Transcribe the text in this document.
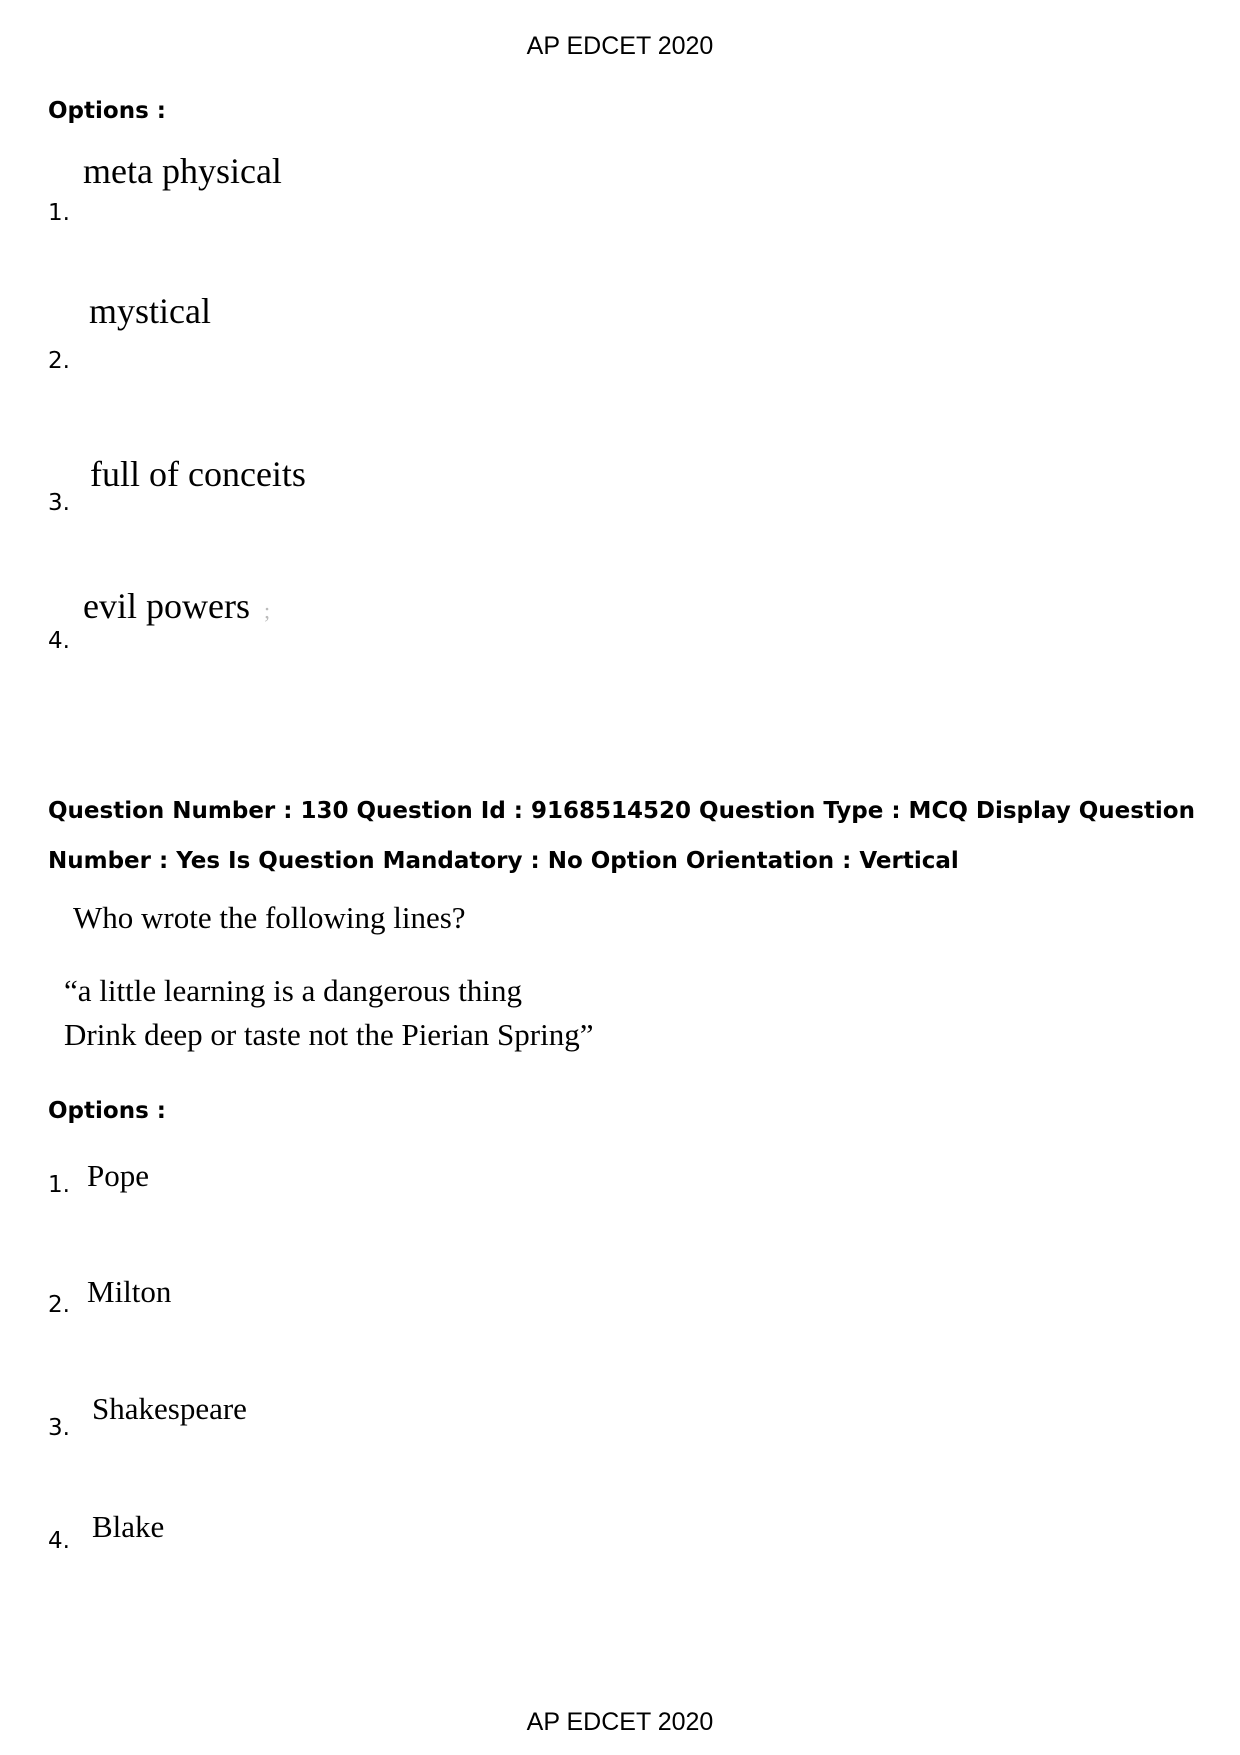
AP EDCET 2020
Options :
meta physical
1.
mystical
2.
full of conceits
3.
evil powers ;
4.
Question Number : 130 Question Id : 9168514520 Question Type : MCQ Display Question
Number : Yes Is Question Mandatory : No Option Orientation : Vertical
Who wrote the following lines?
“a little learning is a dangerous thing
Drink deep or taste not the Pierian Spring”
Options :
Pope
1.
Milton
2.
Shakespeare
3.
Blake
4.
AP EDCET 2020
